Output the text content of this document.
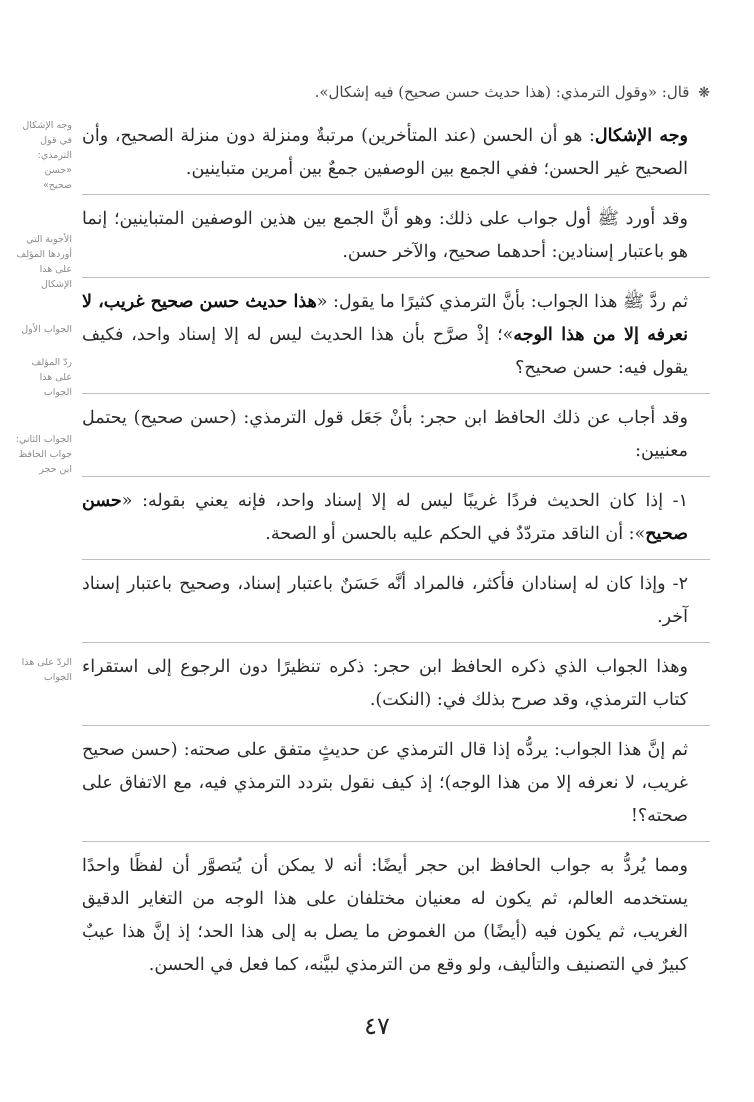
وجه الإشكال في قول الترمذي: «حسن صحيح»
الأجوبة التي أوردها المؤلف على هذا الإشكال
الجواب الأول
ردّ المؤلف على هذا الجواب
الجواب الثاني: جواب الحافظ ابن حجر
الردّ على هذا الجواب

❋ قال: «وقول الترمذي: (هذا حديث حسن صحيح) فيه إشكال».

وجه الإشكال: هو أن الحسن (عند المتأخرين) مرتبةٌ ومنزلة دون منزلة الصحيح، وأن الصحيح غير الحسن؛ ففي الجمع بين الوصفين جمعٌ بين أمرين متباينين.

وقد أورد ﷺ أول جواب على ذلك: وهو أنَّ الجمع بين هذين الوصفين المتباينين؛ إنما هو باعتبار إسنادين: أحدهما صحيح، والآخر حسن.

ثم ردَّ ﷺ هذا الجواب: بأنَّ الترمذي كثيرًا ما يقول: «هذا حديث حسن صحيح غريب، لا نعرفه إلا من هذا الوجه»؛ إذْ صرَّح بأن هذا الحديث ليس له إلا إسناد واحد، فكيف يقول فيه: حسن صحيح؟

وقد أجاب عن ذلك الحافظ ابن حجر: بأنْ جَعَل قول الترمذي: (حسن صحيح) يحتمل معنيين:

١- إذا كان الحديث فردًا غريبًا ليس له إلا إسناد واحد، فإنه يعني بقوله: «حسن صحيح»: أن الناقد متردّدٌ في الحكم عليه بالحسن أو الصحة.

٢- وإذا كان له إسنادان فأكثر، فالمراد أنَّه حَسَنٌ باعتبار إسناد، وصحيح باعتبار إسناد آخر.

وهذا الجواب الذي ذكره الحافظ ابن حجر: ذكره تنظيرًا دون الرجوع إلى استقراء كتاب الترمذي، وقد صرح بذلك في: (النكت).

ثم إنَّ هذا الجواب: يردُّه إذا قال الترمذي عن حديثٍ متفق على صحته: (حسن صحيح غريب، لا نعرفه إلا من هذا الوجه)؛ إذ كيف نقول بتردد الترمذي فيه، مع الاتفاق على صحته؟!

ومما يُردُّ به جواب الحافظ ابن حجر أيضًا: أنه لا يمكن أن يُتصوَّر أن لفظًا واحدًا يستخدمه العالم، ثم يكون له معنيان مختلفان على هذا الوجه من التغاير الدقيق الغريب، ثم يكون فيه (أيضًا) من الغموض ما يصل به إلى هذا الحد؛ إذ إنَّ هذا عيبٌ كبيرٌ في التصنيف والتأليف، ولو وقع من الترمذي لبيَّنه، كما فعل في الحسن.

٤٧
